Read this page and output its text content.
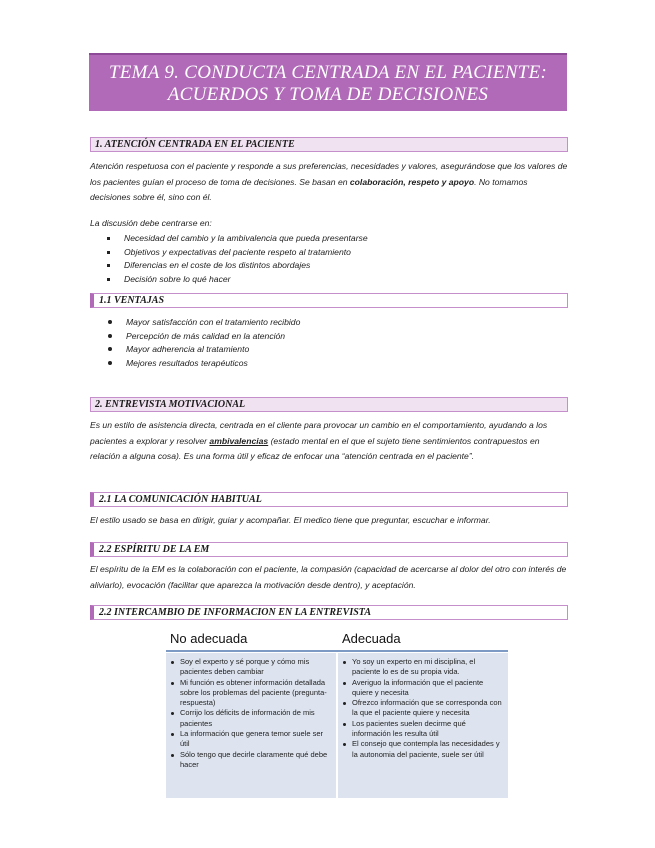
TEMA 9. CONDUCTA CENTRADA EN EL PACIENTE:
ACUERDOS Y TOMA DE DECISIONES
1. ATENCIÓN CENTRADA EN EL PACIENTE
Atención respetuosa con el paciente y responde a sus preferencias, necesidades y valores, asegurándose que los valores de los pacientes guían el proceso de toma de decisiones. Se basan en colaboración, respeto y apoyo. No tomamos decisiones sobre él, sino con él.
La discusión debe centrarse en:
Necesidad del cambio y la ambivalencia que pueda presentarse
Objetivos y expectativas del paciente respeto al tratamiento
Diferencias en el coste de los distintos abordajes
Decisión sobre lo qué hacer
1.1 VENTAJAS
Mayor satisfacción con el tratamiento recibido
Percepción de más calidad en la atención
Mayor adherencia al tratamiento
Mejores resultados terapéuticos
2. ENTREVISTA MOTIVACIONAL
Es un estilo de asistencia directa, centrada en el cliente para provocar un cambio en el comportamiento, ayudando a los pacientes a explorar y resolver ambivalencias (estado mental en el que el sujeto tiene sentimientos contrapuestos en relación a alguna cosa). Es una forma útil y eficaz de enfocar una “atención centrada en el paciente”.
2.1 LA COMUNICACIÓN HABITUAL
El estilo usado se basa en dirigir, guiar y acompañar. El medico tiene que preguntar, escuchar e informar.
2.2 ESPÍRITU DE LA EM
El espíritu de la EM es la colaboración con el paciente, la compasión (capacidad de acercarse al dolor del otro con interés de aliviarlo), evocación (facilitar que aparezca la motivación desde dentro), y aceptación.
2.2 INTERCAMBIO DE INFORMACION EN LA ENTREVISTA
No adecuada	Adecuada
Soy el experto y sé porque y cómo mis pacientes deben cambiar
Mi función es obtener información detallada sobre los problemas del paciente (pregunta-respuesta)
Corrijo los déficits de información de mis pacientes
La información que genera temor suele ser útil
Sólo tengo que decirle claramente qué debe hacer
Yo soy un experto en mi disciplina, el paciente lo es de su propia vida.
Averiguo la información que el paciente quiere y necesita
Ofrezco información que se corresponda con la que el paciente quiere y necesita
Los pacientes suelen decirme qué información les resulta útil
El consejo que contempla las necesidades y la autonomia del paciente, suele ser útil
